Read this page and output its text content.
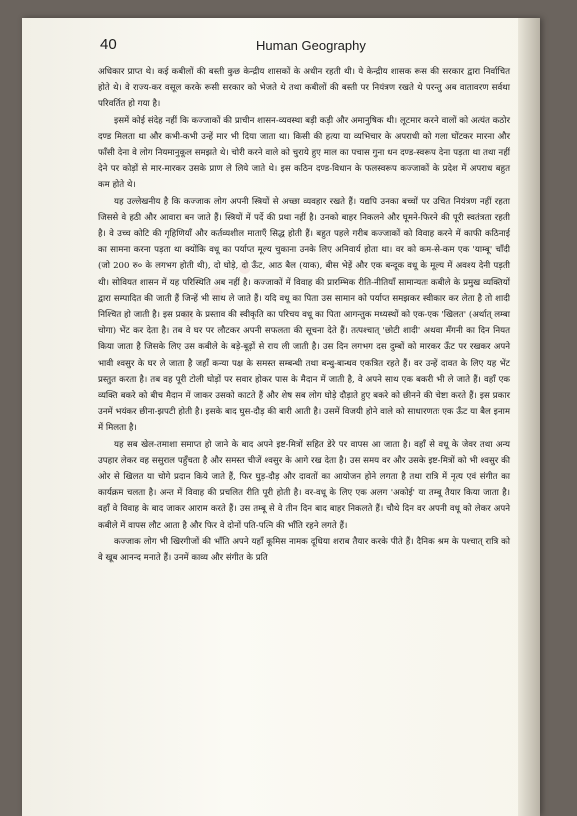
40	Human Geography
• • •

अधिकार प्राप्त थे। कई कबीलों की बस्ती कुछ केन्द्रीय शासकों के अधीन रहती थी। ये केन्द्रीय शासक रूस की सरकार द्वारा निर्वाचित होते थे। वे राज्य-कर वसूल करके रूसी सरकार को भेजते थे तथा कबीलों की बस्ती पर नियंत्रण रखते थे परन्तु अब वातावरण सर्वथा परिवर्तित हो गया है।

इसमें कोई संदेह नहीं कि कज्जाकों की प्राचीन शासन-व्यवस्था बड़ी कड़ी और अमानुषिक थी। लूटमार करने वालों को अत्यंत कठोर दण्ड मिलता था और कभी-कभी उन्हें मार भी दिया जाता था। किसी की हत्या या व्यभिचार के अपराधी को गला घोंटकर मारना और फाँसी देना वे लोग नियमानुकूल समझते थे। चोरी करने वाले को चुराये हुए माल का पचास गुना धन दण्ड-स्वरूप देना पड़ता था तथा नहीं देने पर कोड़ों से मार-मारकर उसके प्राण ले लिये जाते थे। इस कठिन दण्ड-विधान के फलस्वरूप कज्जाकों के प्रदेश में अपराध बहुत कम होते थे।

यह उल्लेखनीय है कि कज्जाक लोग अपनी स्त्रियों से अच्छा व्यवहार रखते हैं। यद्यपि उनका बच्चों पर उचित नियंत्रण नहीं रहता जिससे वे हठी और आवारा बन जाते हैं। स्त्रियों में पर्दे की प्रथा नहीं है। उनको बाहर निकलने और घूमने-फिरने की पूरी स्वतंत्रता रहती है। वे उच्च कोटि की गृहिणियाँ और कर्तव्यशील माताएँ सिद्ध होती हैं। बहुत पहले गरीब कज्जाकों को विवाह करने में काफी कठिनाई का सामना करना पड़ता था क्योंकि वधू का पर्याप्त मूल्य चुकाना उनके लिए अनिवार्य होता था। वर को कम-से-कम एक 'याम्बू' चाँदी (जो 200 रु० के लगभग होती थी), दो घोड़े, दो ऊँट, आठ बैल (याक), बीस भेड़ें और एक बन्दूक वधू के मूल्य में अवश्य देनी पड़ती थी। सोवियत शासन में यह परिस्थिति अब नहीं है। कज्जाकों में विवाह की प्रारम्भिक रीति-नीतियाँ सामान्यतः कबीले के प्रमुख व्यक्तियों द्वारा सम्पादित की जाती हैं जिन्हें भी साथ ले जाते हैं। यदि वधू का पिता उस सामान को पर्याप्त समझकर स्वीकार कर लेता है तो शादी निश्चित हो जाती है। इस प्रकार के प्रस्ताव की स्वीकृति का परिचय वधू का पिता आगन्तुक मध्यस्थों को एक-एक 'खिलत' (अर्थात् लम्बा चोगा) भेंट कर देता है। तब वे घर पर लौटकर अपनी सफलता की सूचना देते हैं। तत्पश्चात् 'छोटी शादी' अथवा मँगनी का दिन नियत किया जाता है जिसके लिए उस कबीले के बड़े-बूढ़ों से राय ली जाती है। उस दिन लगभग दस दुम्बों को मारकर ऊँट पर रखकर अपने भावी श्वसुर के घर ले जाता है जहाँ कन्या पक्ष के समस्त सम्बन्धी तथा बन्धु-बान्धव एकत्रित रहते हैं। वर उन्हें दावत के लिए यह भेंट प्रस्तुत करता है। तब वह पूरी टोली घोड़ों पर सवार होकर पास के मैदान में जाती है, वे अपने साथ एक बकरी भी ले जाते हैं। वहाँ एक व्यक्ति बकरे को बीच मैदान में जाकर उसको काटते हैं और शेष सब लोग घोड़े दौड़ाते हुए बकरे को छीनने की चेष्टा करते हैं। इस प्रकार उनमें भयंकर छीना-झपटी होती है। इसके बाद घुस-दौड़ की बारी आती है। उसमें विजयी होने वाले को साधारणतः एक ऊँट या बैल इनाम में मिलता है।

यह सब खेल-तमाशा समाप्त हो जाने के बाद अपने इष्ट-मित्रों सहित डेरे पर वापस आ जाता है। वहाँ से वधू के जेवर तथा अन्य उपहार लेकर वह ससुराल पहुँचता है और समस्त चीजें श्वसुर के आगे रख देता है। उस समय वर और उसके इष्ट-मित्रों को भी श्वसुर की ओर से खिलत या चोगे प्रदान किये जाते हैं, फिर घुड़-दौड़ और दावतों का आयोजन होने लगता है तथा रात्रि में नृत्य एवं संगीत का कार्यक्रम चलता है। अन्त में विवाह की प्रचलित रीति पूरी होती है। वर-वधू के लिए एक अलग 'अकोई' या तम्बू तैयार किया जाता है। वहाँ वे विवाह के बाद जाकर आराम करते हैं। उस तम्बू से वे तीन दिन बाद बाहर निकलते हैं। चौथे दिन वर अपनी वधू को लेकर अपने कबीले में वापस लौट आता है और फिर वे दोनों पति-पत्नि की भाँति रहने लगते हैं।

कज्जाक लोग भी खिरगीजों की भाँति अपने यहाँ कूमिस नामक दूधिया शराब तैयार करके पीते हैं। दैनिक श्रम के पश्चात् रात्रि को वे खूब आनन्द मनाते हैं। उनमें काव्य और संगीत के प्रति
